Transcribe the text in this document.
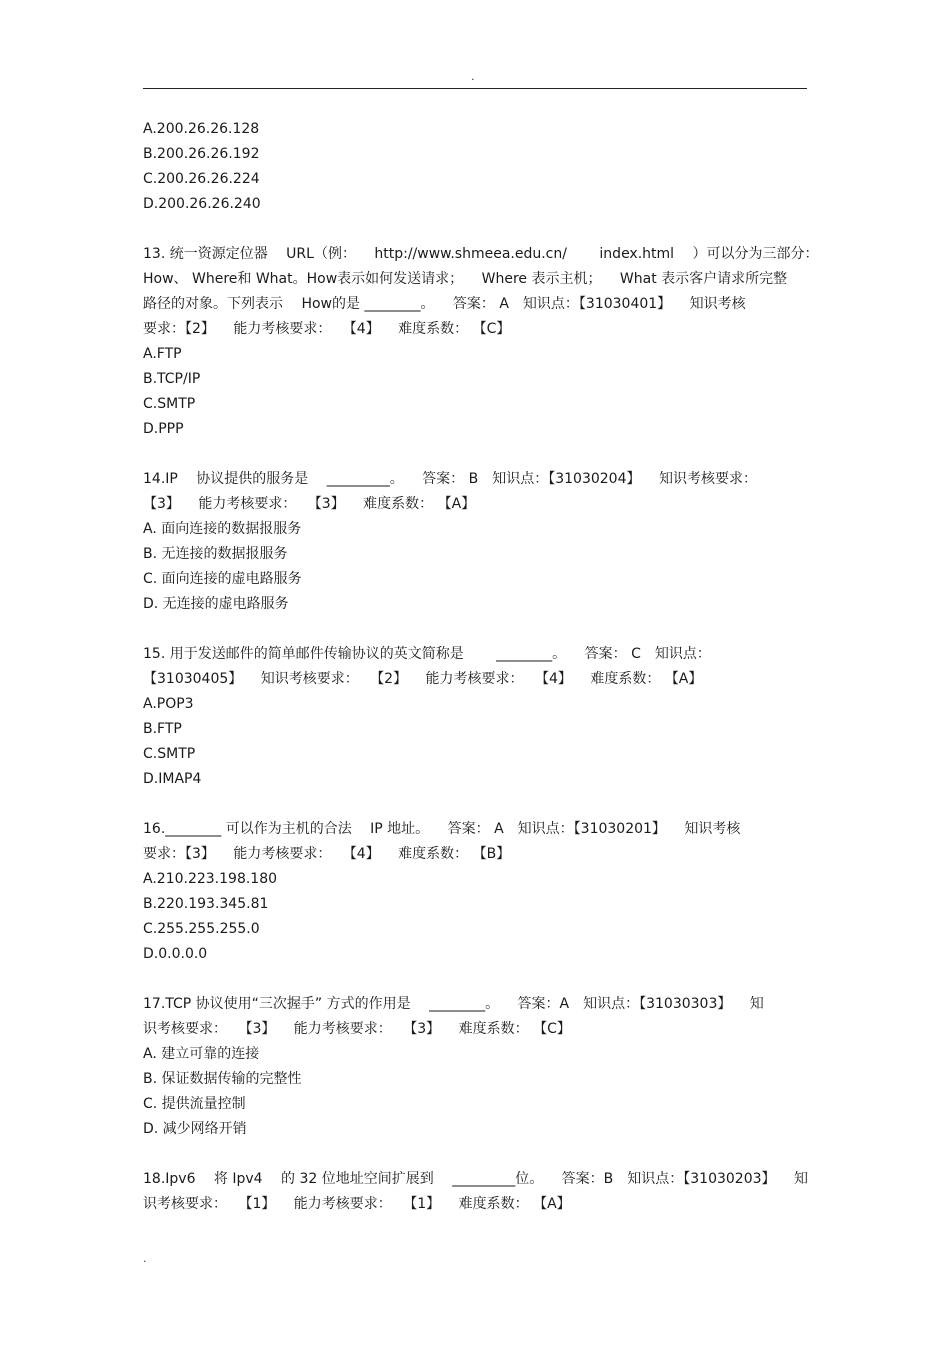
.
A.200.26.26.128
B.200.26.26.192
C.200.26.26.224
D.200.26.26.240
13. 统一资源定位器 　URL（例： 　http://www.shmeea.edu.cn/ 　　index.html 　）可以分为三部分：
How、 Where和 What。How表示如何发送请求； 　Where 表示主机； 　What 表示客户请求所完整
路径的对象。下列表示 　How的是 ________。 　答案： A　知识点：【31030401】 　知识考核
要求：【2】 　能力考核要求： 　【4】 　难度系数： 【C】
A.FTP
B.TCP/IP
C.SMTP
D.PPP
14.IP 　协议提供的服务是 　_________。 　答案： B　知识点：【31030204】 　知识考核要求：
【3】 　能力考核要求： 　【3】 　难度系数： 【A】
A. 面向连接的数据报服务
B. 无连接的数据报服务
C. 面向连接的虚电路服务
D. 无连接的虚电路服务
15. 用于发送邮件的简单邮件传输协议的英文简称是 　　________。 　答案： C　知识点：
【31030405】 　知识考核要求： 　【2】 　能力考核要求： 　【4】 　难度系数： 【A】
A.POP3
B.FTP
C.SMTP
D.IMAP4
16.________ 可以作为主机的合法 　IP 地址。 　答案： A　知识点：【31030201】 　知识考核
要求：【3】 　能力考核要求： 　【4】 　难度系数： 【B】
A.210.223.198.180
B.220.193.345.81
C.255.255.255.0
D.0.0.0.0
17.TCP 协议使用“三次握手” 方式的作用是 　________。 　答案：A　知识点：【31030303】 　知
识考核要求： 　【3】 　能力考核要求： 　【3】 　难度系数： 【C】
A. 建立可靠的连接
B. 保证数据传输的完整性
C. 提供流量控制
D. 减少网络开销
18.Ipv6 　将 Ipv4 　的 32 位地址空间扩展到 　_________位。 　答案：B　知识点：【31030203】 　知
识考核要求： 　【1】 　能力考核要求： 　【1】 　难度系数： 【A】
.
